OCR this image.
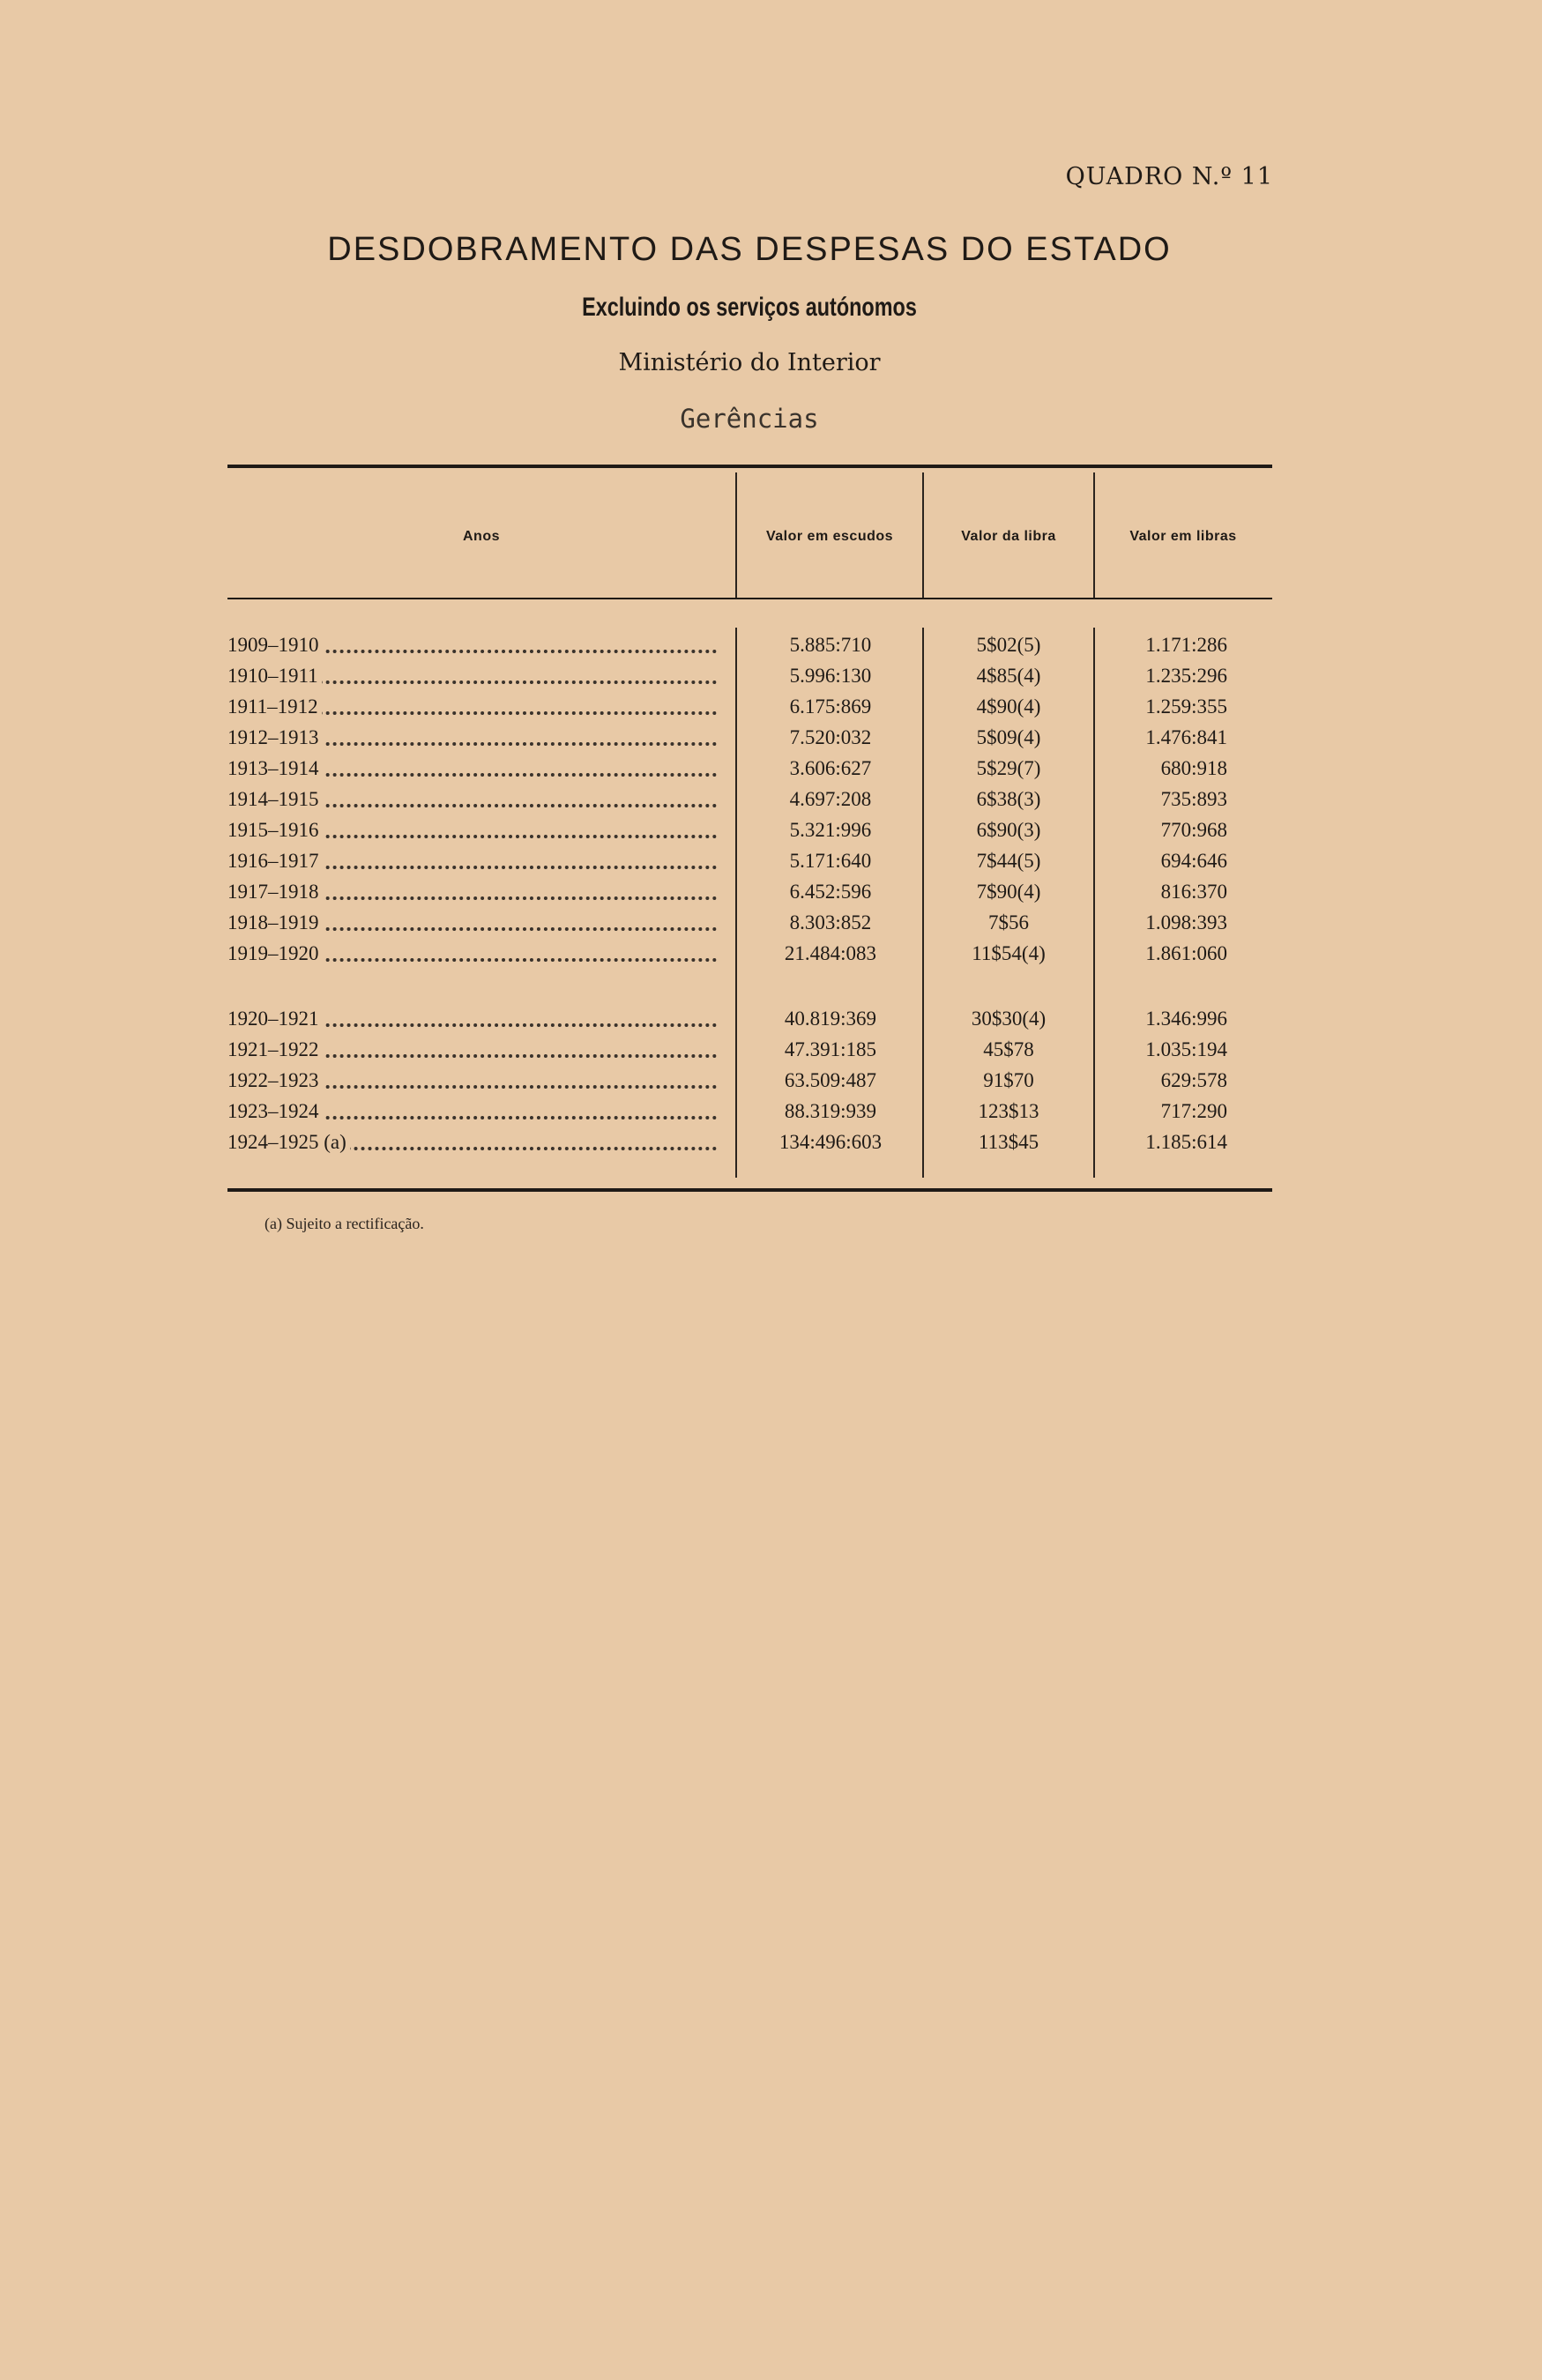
QUADRO N.º 11
DESDOBRAMENTO DAS DESPESAS DO ESTADO
Excluindo os serviços autónomos
Ministério do Interior
Gerências
Anos	Valor em escudos	Valor da libra	Valor em libras
1909–1910	5.885:710	5$02(5)	1.171:286
1910–1911	5.996:130	4$85(4)	1.235:296
1911–1912	6.175:869	4$90(4)	1.259:355
1912–1913	7.520:032	5$09(4)	1.476:841
1913–1914	3.606:627	5$29(7)	680:918
1914–1915	4.697:208	6$38(3)	735:893
1915–1916	5.321:996	6$90(3)	770:968
1916–1917	5.171:640	7$44(5)	694:646
1917–1918	6.452:596	7$90(4)	816:370
1918–1919	8.303:852	7$56	1.098:393
1919–1920	21.484:083	11$54(4)	1.861:060
1920–1921	40.819:369	30$30(4)	1.346:996
1921–1922	47.391:185	45$78	1.035:194
1922–1923	63.509:487	91$70	629:578
1923–1924	88.319:939	123$13	717:290
1924–1925 (a)	134:496:603	113$45	1.185:614
(a) Sujeito a rectificação.
